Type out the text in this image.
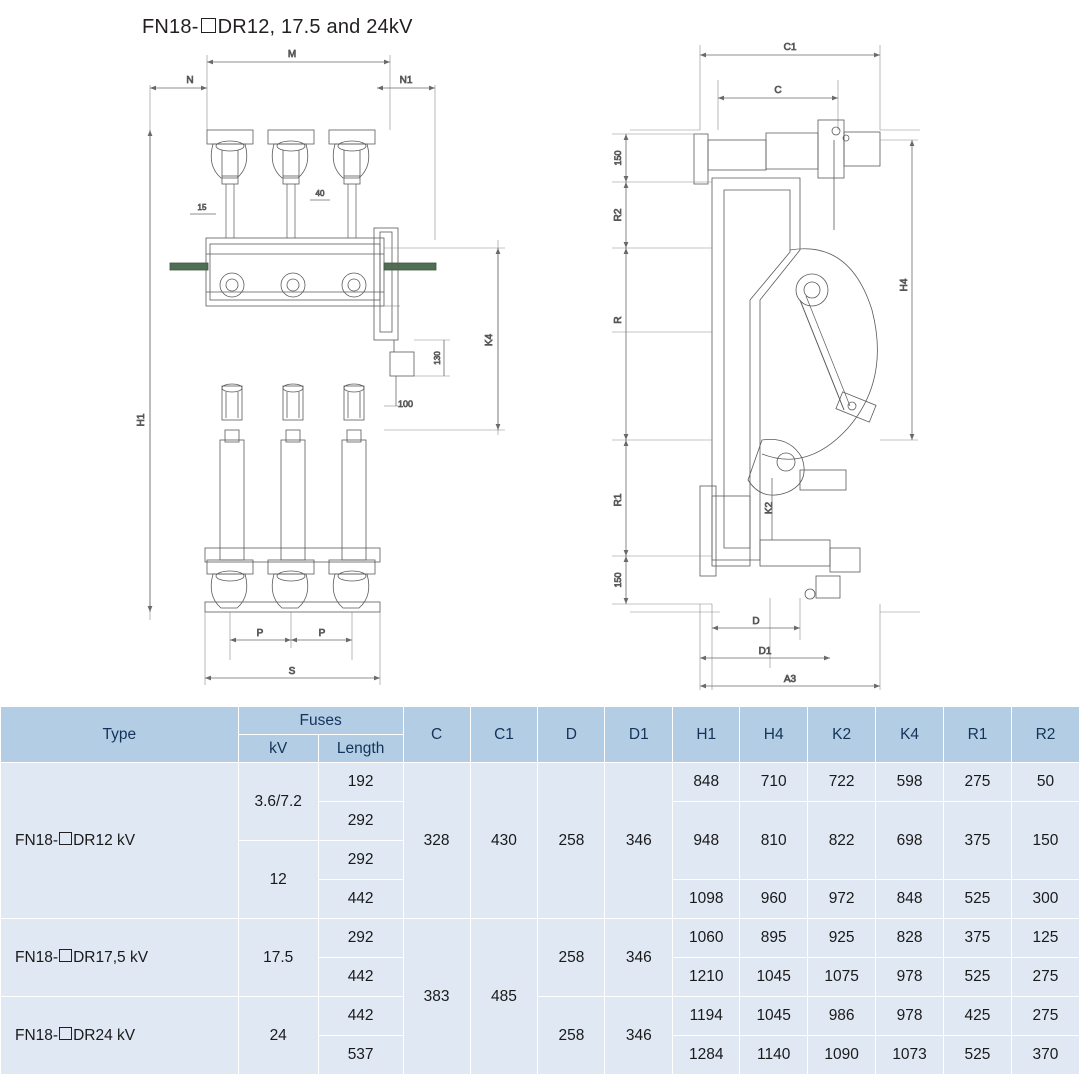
FN18- DR12, 17.5 and 24kV
M
N	N1
15
40
130
100
H1
K4
P	P
S
C1
C
150
R2
R
R1
150
H4
K2
D
D1
A3
Type	Fuses		C	C1	D	D1	H1	H4	K2	K4	R1	R2
	kV	Length										
FN18- DR12 kV	3.6/7.2	192	328	430	258	346	848	710	722	598	275	50
		292					948	810	822	698	375	150
	12	292										
		442					1098	960	972	848	525	300
FN18- DR17,5 kV	17.5	292	383	485	258	346	1060	895	925	828	375	125
		442					1210	1045	1075	978	525	275
FN18- DR24 kV	24	442			258	346	1194	1045	986	978	425	275
		537					1284	1140	1090	1073	525	370
